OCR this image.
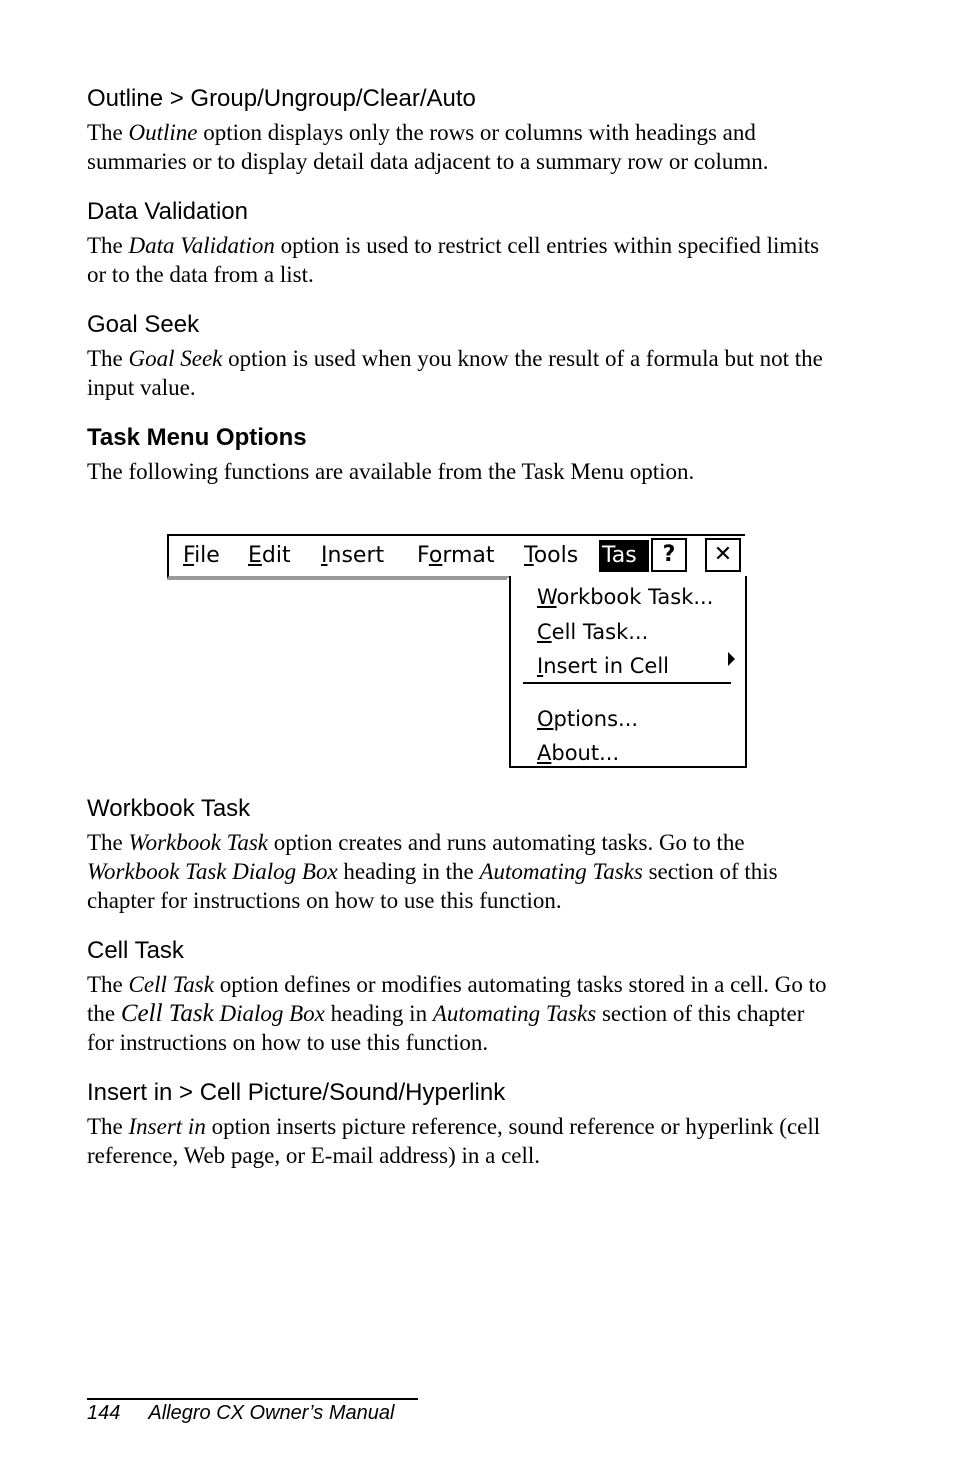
Outline > Group/Ungroup/Clear/Auto

The Outline option displays only the rows or columns with headings and summaries or to display detail data adjacent to a summary row or column.

Data Validation

The Data Validation option is used to restrict cell entries within specified limits or to the data from a list.

Goal Seek

The Goal Seek option is used when you know the result of a formula but not the input value.

Task Menu Options

The following functions are available from the Task Menu option.

File Edit Insert Format Tools Tas	?	✕
Workbook Task...
Cell Task...
Insert in Cell
Options...
About...
Workbook Task

The Workbook Task option creates and runs automating tasks. Go to the Workbook Task Dialog Box heading in the Automating Tasks section of this chapter for instructions on how to use this function.

Cell Task

The Cell Task option defines or modifies automating tasks stored in a cell. Go to the Cell Task Dialog Box heading in Automating Tasks section of this chapter for instructions on how to use this function.

Insert in > Cell Picture/Sound/Hyperlink

The Insert in option inserts picture reference, sound reference or hyperlink (cell reference, Web page, or E-mail address) in a cell.

144 Allegro CX Owner’s Manual
